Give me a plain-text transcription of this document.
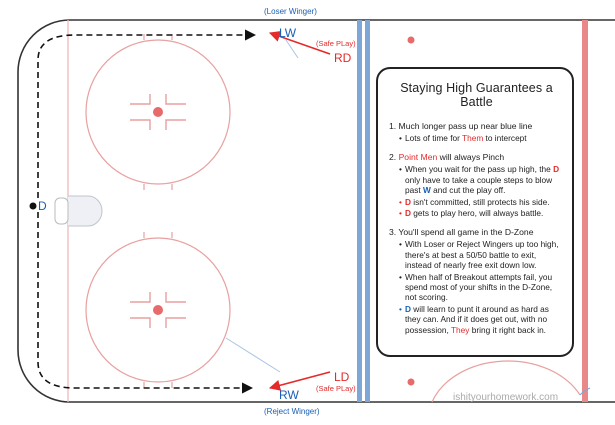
(Loser Winger)
LW
(Safe PLay)
RD
D
LD
(Safe PLay)
RW
(Reject Winger)
Staying High Guarantees a Battle

1. Much longer pass up near blue line

• Lots of time for Them to intercept

2. Point Men will always Pinch

• When you wait for the pass up high, the D only have to take a couple steps to blow past W and cut the play off.
• D isn't committed, still protects his side.
• D gets to play hero, will always battle.

3. You'll spend all game in the D-Zone

• With Loser or Reject Wingers up too high, there's at best a 50/50 battle to exit, instead of nearly free exit down low.
• When half of Breakout attempts fail, you spend most of your shifts in the D-Zone, not scoring.
• D will learn to punt it around as hard as they can. And if it does get out, with no possession, They bring it right back in.
ishityourhomework.com
